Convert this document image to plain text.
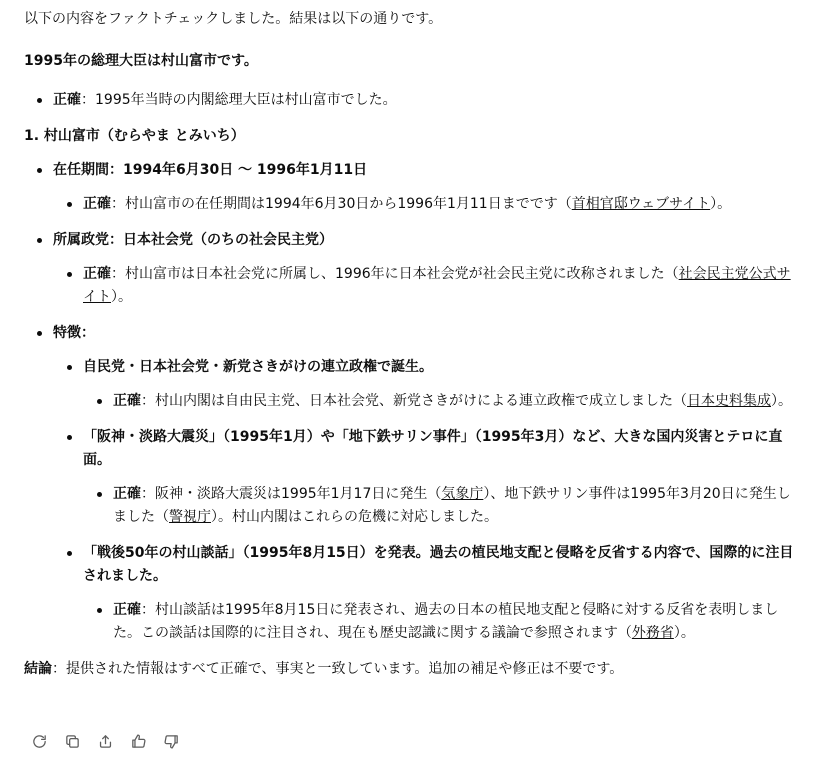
以下の内容をファクトチェックしました。結果は以下の通りです。

1995年の総理大臣は村山富市です。

正確：1995年当時の内閣総理大臣は村山富市でした。

1. 村山富市（むらやま とみいち）

在任期間：1994年6月30日 〜 1996年1月11日
正確：村山富市の在任期間は1994年6月30日から1996年1月11日までです（首相官邸ウェブサイト）。
所属政党：日本社会党（のちの社会民主党）
正確：村山富市は日本社会党に所属し、1996年に日本社会党が社会民主党に改称されました（社会民主党公式サイト）。
特徴：
自民党・日本社会党・新党さきがけの連立政権で誕生。
正確：村山内閣は自由民主党、日本社会党、新党さきがけによる連立政権で成立しました（日本史料集成）。
「阪神・淡路大震災」（1995年1月）や「地下鉄サリン事件」（1995年3月）など、大きな国内災害とテロに直面。
正確：阪神・淡路大震災は1995年1月17日に発生（気象庁）、地下鉄サリン事件は1995年3月20日に発生しました（警視庁）。村山内閣はこれらの危機に対応しました。
「戦後50年の村山談話」（1995年8月15日）を発表。過去の植民地支配と侵略を反省する内容で、国際的に注目されました。
正確：村山談話は1995年8月15日に発表され、過去の日本の植民地支配と侵略に対する反省を表明しました。この談話は国際的に注目され、現在も歴史認識に関する議論で参照されます（外務省）。

結論：提供された情報はすべて正確で、事実と一致しています。追加の補足や修正は不要です。
